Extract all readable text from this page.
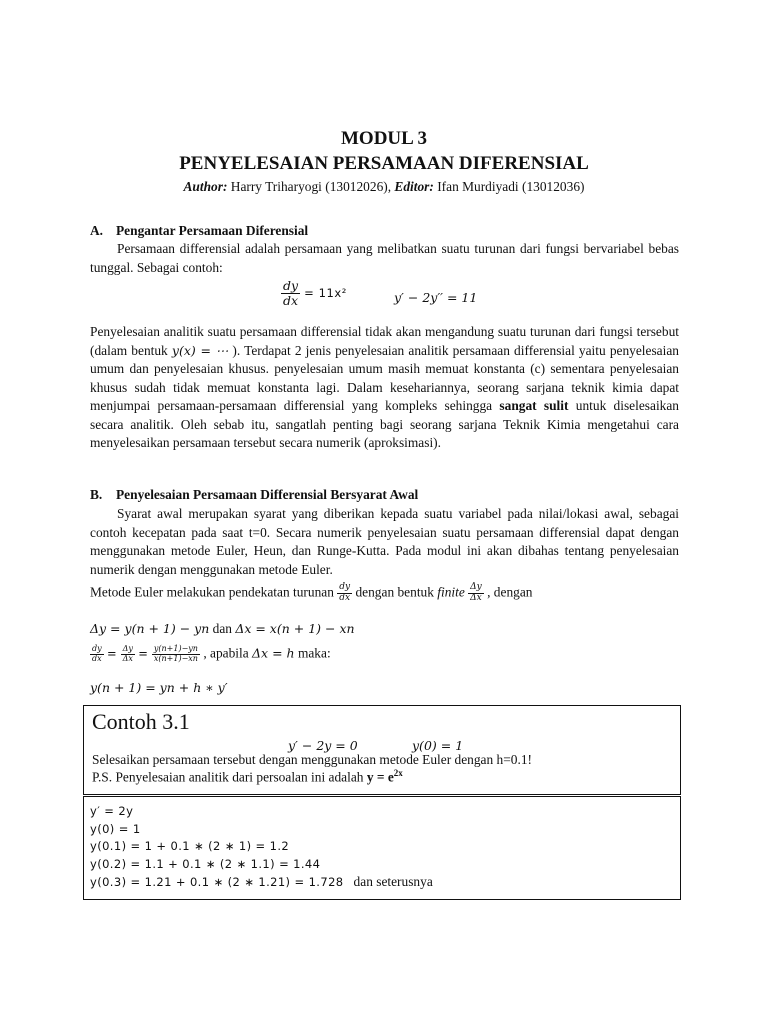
MODUL 3
PENYELESAIAN PERSAMAAN DIFERENSIAL
Author: Harry Triharyogi (13012026), Editor: Ifan Murdiyadi (13012036)
A. Pengantar Persamaan Diferensial
Persamaan differensial adalah persamaan yang melibatkan suatu turunan dari fungsi bervariabel bebas tunggal. Sebagai contoh:
$\frac{dy}{dx} = 11x^2$	y′ − 2y′′ = 11
Penyelesaian analitik suatu persamaan differensial tidak akan mengandung suatu turunan dari fungsi tersebut (dalam bentuk y(x) = ⋯ ). Terdapat 2 jenis penyelesaian analitik persamaan differensial yaitu penyelesaian umum dan penyelesaian khusus. penyelesaian umum masih memuat konstanta (c) sementara penyelesaian khusus sudah tidak memuat konstanta lagi. Dalam kesehariannya, seorang sarjana teknik kimia dapat menjumpai persamaan-persamaan differensial yang kompleks sehingga sangat sulit untuk diselesaikan secara analitik. Oleh sebab itu, sangatlah penting bagi seorang sarjana Teknik Kimia mengetahui cara menyelesaikan persamaan tersebut secara numerik (aproksimasi).
B. Penyelesaian Persamaan Differensial Bersyarat Awal
Syarat awal merupakan syarat yang diberikan kepada suatu variabel pada nilai/lokasi awal, sebagai contoh kecepatan pada saat t=0. Secara numerik penyelesaian suatu persamaan differensial dapat dengan menggunakan metode Euler, Heun, dan Runge-Kutta. Pada modul ini akan dibahas tentang penyelesaian numerik dengan menggunakan metode Euler.
Metode Euler melakukan pendekatan turunan $\frac{dy}{dx}$ dengan bentuk finite $\frac{\Delta y}{\Delta x}$ , dengan
Δy = y(n + 1) − yn dan Δx = x(n + 1) − xn
$\frac{dy}{dx} = \frac{\Delta y}{\Delta x} = \frac{y(n+1)-yn}{x(n+1)-xn}$ , apabila Δx = h maka:
y(n + 1) = yn + h ∗ y′
Contoh 3.1
y′ − 2y = 0	y(0) = 1
Selesaikan persamaan tersebut dengan menggunakan metode Euler dengan h=0.1!
P.S. Penyelesaian analitik dari persoalan ini adalah $y = e^{2x}$
y′ = 2y
y(0) = 1
y(0.1) = 1 + 0.1 ∗ (2 ∗ 1) = 1.2
y(0.2) = 1.1 + 0.1 ∗ (2 ∗ 1.1) = 1.44
y(0.3) = 1.21 + 0.1 ∗ (2 ∗ 1.21) = 1.728   dan seterusnya
